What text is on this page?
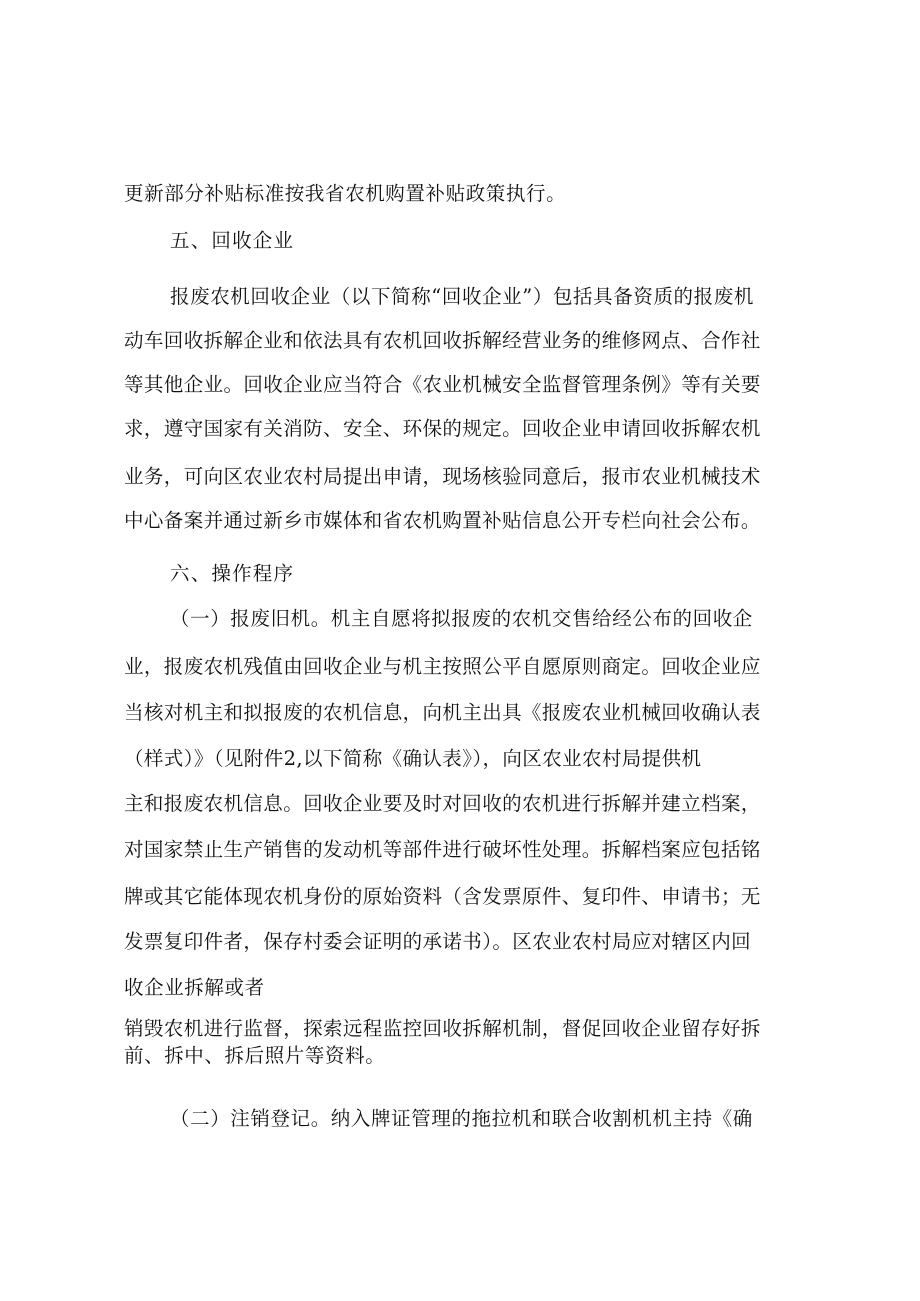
更新部分补贴标准按我省农机购置补贴政策执行。
五、回收企业
报废农机回收企业（以下简称“回收企业”）包括具备资质的报废机
动车回收拆解企业和依法具有农机回收拆解经营业务的维修网点、合作社
等其他企业。回收企业应当符合《农业机械安全监督管理条例》等有关要
求，遵守国家有关消防、安全、环保的规定。回收企业申请回收拆解农机
业务，可向区农业农村局提出申请，现场核验同意后，报市农业机械技术
中心备案并通过新乡市媒体和省农机购置补贴信息公开专栏向社会公布。
六、操作程序
（一）报废旧机。机主自愿将拟报废的农机交售给经公布的回收企
业，报废农机残值由回收企业与机主按照公平自愿原则商定。回收企业应
当核对机主和拟报废的农机信息，向机主出具《报废农业机械回收确认表
（样式）》（见附件2,以下简称《确认表》），向区农业农村局提供机
主和报废农机信息。回收企业要及时对回收的农机进行拆解并建立档案，
对国家禁止生产销售的发动机等部件进行破坏性处理。拆解档案应包括铭
牌或其它能体现农机身份的原始资料（含发票原件、复印件、申请书；无
发票复印件者，保存村委会证明的承诺书）。区农业农村局应对辖区内回
收企业拆解或者
销毁农机进行监督，探索远程监控回收拆解机制，督促回收企业留存好拆
前、拆中、拆后照片等资料。
（二）注销登记。纳入牌证管理的拖拉机和联合收割机机主持《确
